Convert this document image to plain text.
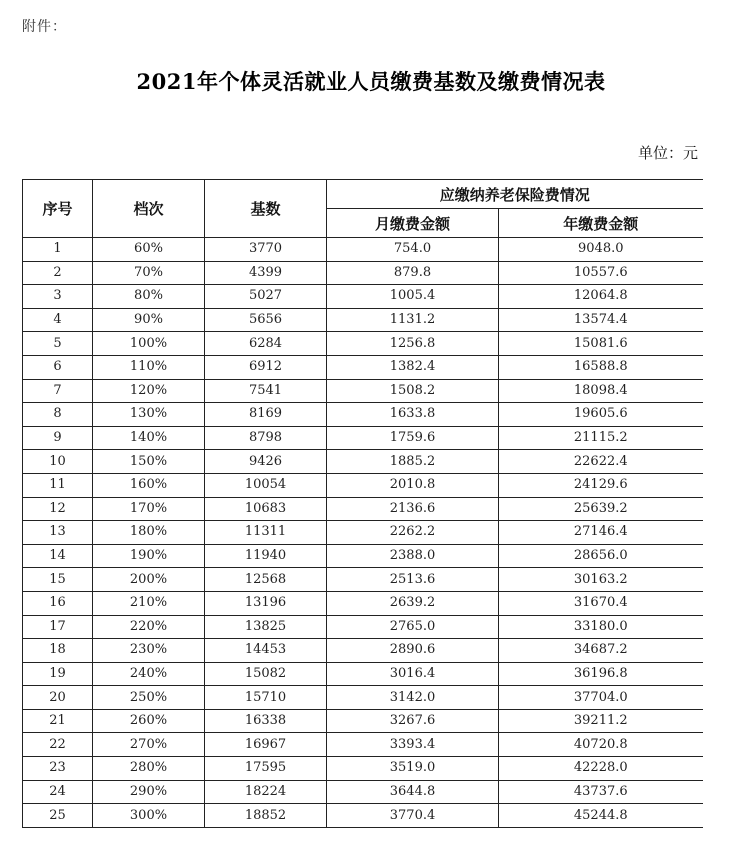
附件：
2021年个体灵活就业人员缴费基数及缴费情况表
单位：元
序号	档次	基数	应缴纳养老保险费情况	
			月缴费金额	年缴费金额
1	60%	3770	754.0	9048.0
2	70%	4399	879.8	10557.6
3	80%	5027	1005.4	12064.8
4	90%	5656	1131.2	13574.4
5	100%	6284	1256.8	15081.6
6	110%	6912	1382.4	16588.8
7	120%	7541	1508.2	18098.4
8	130%	8169	1633.8	19605.6
9	140%	8798	1759.6	21115.2
10	150%	9426	1885.2	22622.4
11	160%	10054	2010.8	24129.6
12	170%	10683	2136.6	25639.2
13	180%	11311	2262.2	27146.4
14	190%	11940	2388.0	28656.0
15	200%	12568	2513.6	30163.2
16	210%	13196	2639.2	31670.4
17	220%	13825	2765.0	33180.0
18	230%	14453	2890.6	34687.2
19	240%	15082	3016.4	36196.8
20	250%	15710	3142.0	37704.0
21	260%	16338	3267.6	39211.2
22	270%	16967	3393.4	40720.8
23	280%	17595	3519.0	42228.0
24	290%	18224	3644.8	43737.6
25	300%	18852	3770.4	45244.8
